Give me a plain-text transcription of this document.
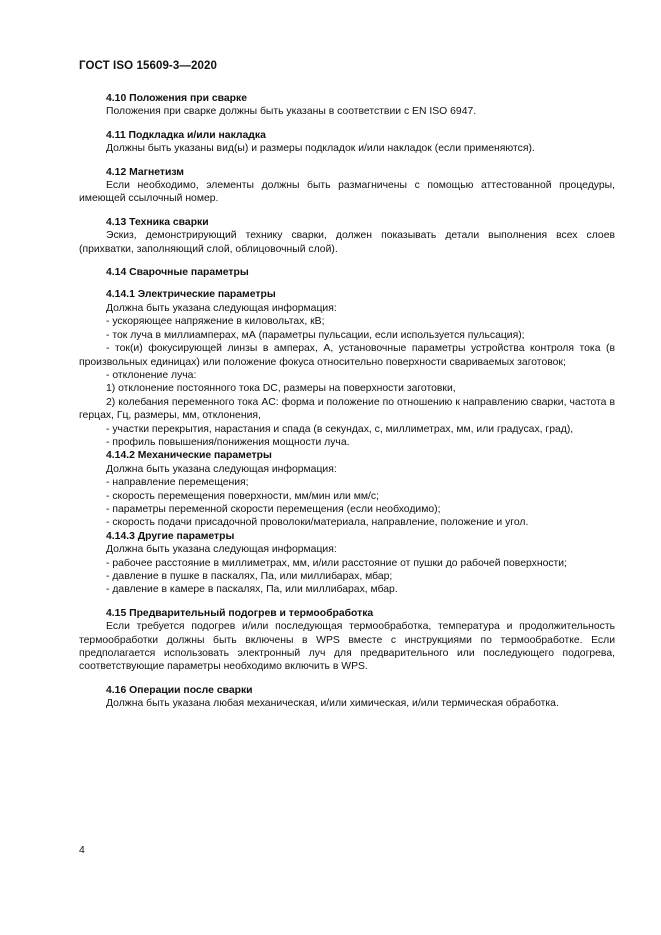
ГОСТ ISO 15609-3—2020

4.10 Положения при сварке

Положения при сварке должны быть указаны в соответствии с EN ISO 6947.

4.11 Подкладка и/или накладка

Должны быть указаны вид(ы) и размеры подкладок и/или накладок (если применяются).

4.12 Магнетизм

Если необходимо, элементы должны быть размагничены с помощью аттестованной процедуры, имеющей ссылочный номер.

4.13 Техника сварки

Эскиз, демонстрирующий технику сварки, должен показывать детали выполнения всех слоев (прихватки, заполняющий слой, облицовочный слой).

4.14 Сварочные параметры

4.14.1 Электрические параметры

Должна быть указана следующая информация:

- ускоряющее напряжение в киловольтах, кВ;

- ток луча в миллиамперах, мА (параметры пульсации, если используется пульсация);

- ток(и) фокусирующей линзы в амперах, А, установочные параметры устройства контроля тока (в произвольных единицах) или положение фокуса относительно поверхности свариваемых заготовок;

- отклонение луча:

1) отклонение постоянного тока DC, размеры на поверхности заготовки,

2) колебания переменного тока AC: форма и положение по отношению к направлению сварки, частота в герцах, Гц, размеры, мм, отклонения,

- участки перекрытия, нарастания и спада (в секундах, с, миллиметрах, мм, или градусах, град),

- профиль повышения/понижения мощности луча.

4.14.2 Механические параметры

Должна быть указана следующая информация:

- направление перемещения;

- скорость перемещения поверхности, мм/мин или мм/с;

- параметры переменной скорости перемещения (если необходимо);

- скорость подачи присадочной проволоки/материала, направление, положение и угол.

4.14.3 Другие параметры

Должна быть указана следующая информация:

- рабочее расстояние в миллиметрах, мм, и/или расстояние от пушки до рабочей поверхности;

- давление в пушке в паскалях, Па, или миллибарах, мбар;

- давление в камере в паскалях, Па, или миллибарах, мбар.

4.15 Предварительный подогрев и термообработка

Если требуется подогрев и/или последующая термообработка, температура и продолжительность термообработки должны быть включены в WPS вместе с инструкциями по термообработке. Если предполагается использовать электронный луч для предварительного или последующего подогрева, соответствующие параметры необходимо включить в WPS.

4.16 Операции после сварки

Должна быть указана любая механическая, и/или химическая, и/или термическая обработка.

4
